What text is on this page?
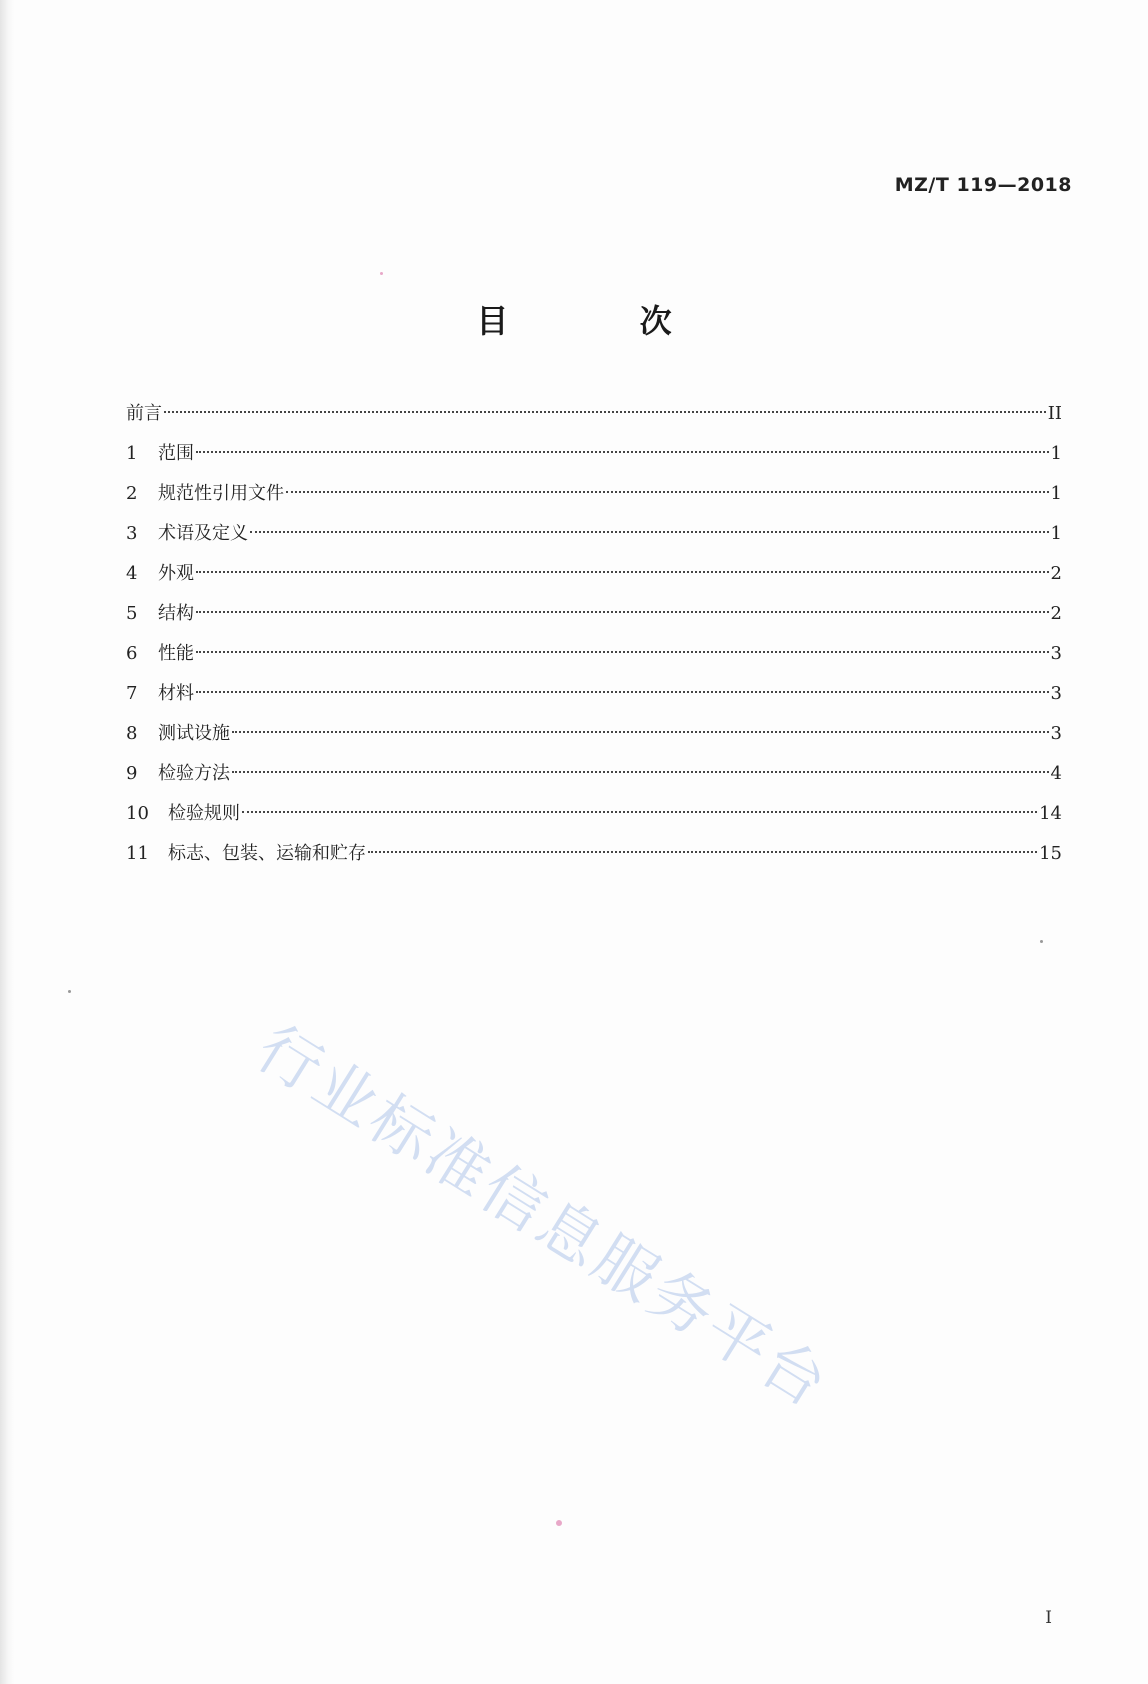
MZ/T 119—2018
目 次
前言	II
1	范围	1
2	规范性引用文件	1
3	术语及定义	1
4	外观	2
5	结构	2
6	性能	3
7	材料	3
8	测试设施	3
9	检验方法	4
10	检验规则	14
11	标志、包装、运输和贮存	15
行业标准信息服务平台
I
